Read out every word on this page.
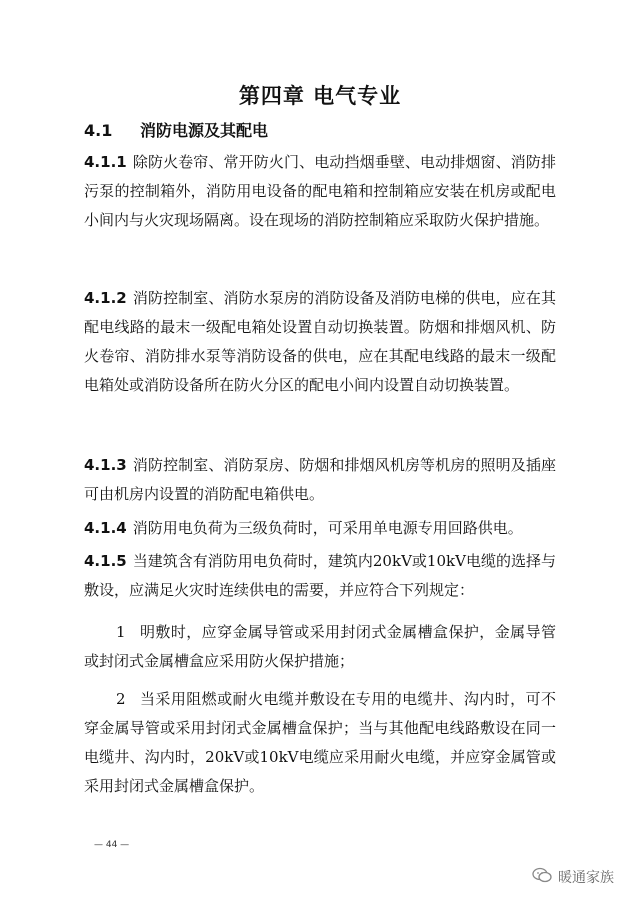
第四章 电气专业
4.1 消防电源及其配电

4.1.1 除防火卷帘、常开防火门、电动挡烟垂壁、电动排烟窗、消防排污泵的控制箱外，消防用电设备的配电箱和控制箱应安装在机房或配电小间内与火灾现场隔离。设在现场的消防控制箱应采取防火保护措施。

4.1.2 消防控制室、消防水泵房的消防设备及消防电梯的供电，应在其配电线路的最末一级配电箱处设置自动切换装置。防烟和排烟风机、防火卷帘、消防排水泵等消防设备的供电，应在其配电线路的最末一级配电箱处或消防设备所在防火分区的配电小间内设置自动切换装置。

4.1.3 消防控制室、消防泵房、防烟和排烟风机房等机房的照明及插座可由机房内设置的消防配电箱供电。

4.1.4 消防用电负荷为三级负荷时，可采用单电源专用回路供电。

4.1.5 当建筑含有消防用电负荷时，建筑内20kV或10kV电缆的选择与敷设，应满足火灾时连续供电的需要，并应符合下列规定：

1 明敷时，应穿金属导管或采用封闭式金属槽盒保护，金属导管或封闭式金属槽盒应采用防火保护措施；

2 当采用阻燃或耐火电缆并敷设在专用的电缆井、沟内时，可不穿金属导管或采用封闭式金属槽盒保护；当与其他配电线路敷设在同一电缆井、沟内时，20kV或10kV电缆应采用耐火电缆，并应穿金属管或采用封闭式金属槽盒保护。

— 44 —
暖通家族
